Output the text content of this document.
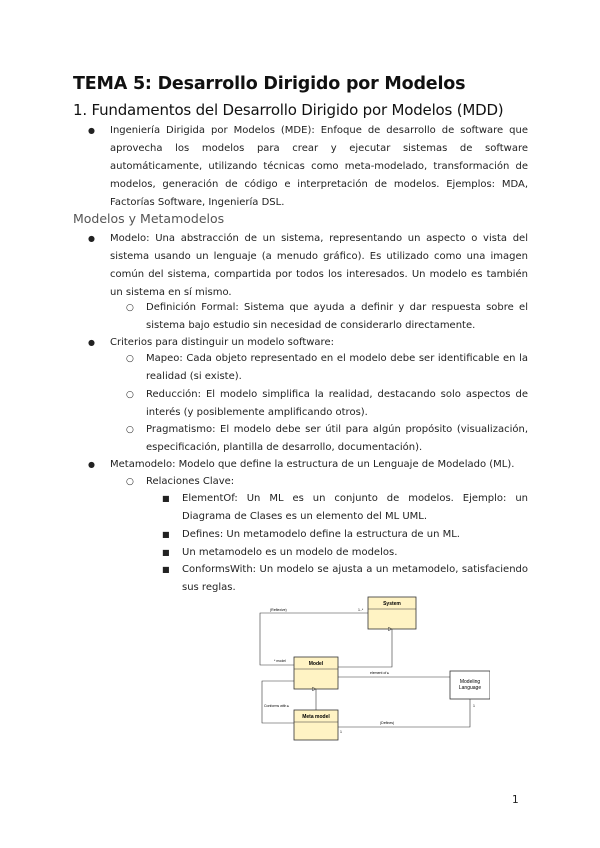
TEMA 5: Desarrollo Dirigido por Modelos
1. Fundamentos del Desarrollo Dirigido por Modelos (MDD)
● Ingeniería Dirigida por Modelos (MDE): Enfoque de desarrollo de software que aprovecha los modelos para crear y ejecutar sistemas de software automáticamente, utilizando técnicas como meta-modelado, transformación de modelos, generación de código e interpretación de modelos. Ejemplos: MDA, Factorías Software, Ingeniería DSL.

Modelos y Metamodelos
● Modelo: Una abstracción de un sistema, representando un aspecto o vista del sistema usando un lenguaje (a menudo gráfico). Es utilizado como una imagen común del sistema, compartida por todos los interesados. Un modelo es también un sistema en sí mismo.

○ Definición Formal: Sistema que ayuda a definir y dar respuesta sobre el sistema bajo estudio sin necesidad de considerarlo directamente.

● Criterios para distinguir un modelo software:

○ Mapeo: Cada objeto representado en el modelo debe ser identificable en la realidad (si existe).

○ Reducción: El modelo simplifica la realidad, destacando solo aspectos de interés (y posiblemente amplificando otros).

○ Pragmatismo: El modelo debe ser útil para algún propósito (visualización, especificación, plantilla de desarrollo, documentación).

● Metamodelo: Modelo que define la estructura de un Lenguaje de Modelado (ML).

○ Relaciones Clave:

■ ElementOf: Un ML es un conjunto de modelos. Ejemplo: un Diagrama de Clases es un elemento del ML UML.

■ Defines: Un metamodelo define la estructura de un ML.

■ Un metamodelo es un modelo de modelos.

■ ConformsWith: Un modelo se ajusta a un metamodelo, satisfaciendo sus reglas.

System
Model
Meta model
Modeling Language
(Reflexive)	1..*
* model
element of ▸
Conforms with ▸
(Defines)
1
1
1
